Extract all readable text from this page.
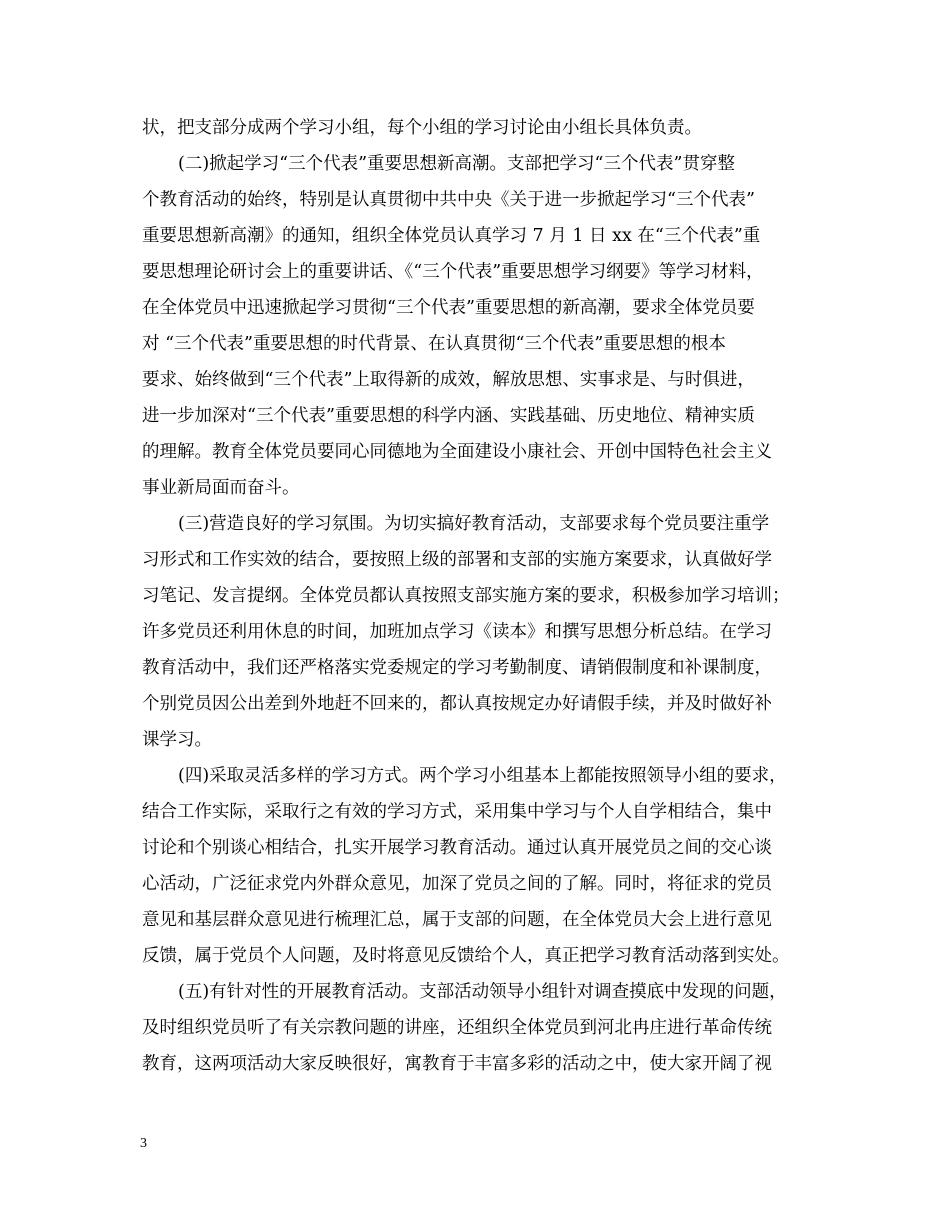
状，把支部分成两个学习小组，每个小组的学习讨论由小组长具体负责。
(二)掀起学习“三个代表”重要思想新高潮。支部把学习“三个代表”贯穿整
个教育活动的始终，特别是认真贯彻中共中央《关于进一步掀起学习“三个代表”
重要思想新高潮》的通知，组织全体党员认真学习 7 月 1 日 xx 在“三个代表”重
要思想理论研讨会上的重要讲话、《“三个代表”重要思想学习纲要》等学习材料，
在全体党员中迅速掀起学习贯彻“三个代表”重要思想的新高潮，要求全体党员要
对 “三个代表”重要思想的时代背景、在认真贯彻“三个代表”重要思想的根本
要求、始终做到“三个代表”上取得新的成效，解放思想、实事求是、与时俱进，
进一步加深对“三个代表”重要思想的科学内涵、实践基础、历史地位、精神实质
的理解。教育全体党员要同心同德地为全面建设小康社会、开创中国特色社会主义
事业新局面而奋斗。
(三)营造良好的学习氛围。为切实搞好教育活动，支部要求每个党员要注重学
习形式和工作实效的结合，要按照上级的部署和支部的实施方案要求，认真做好学
习笔记、发言提纲。全体党员都认真按照支部实施方案的要求，积极参加学习培训；
许多党员还利用休息的时间，加班加点学习《读本》和撰写思想分析总结。在学习
教育活动中，我们还严格落实党委规定的学习考勤制度、请销假制度和补课制度，
个别党员因公出差到外地赶不回来的，都认真按规定办好请假手续，并及时做好补
课学习。
(四)采取灵活多样的学习方式。两个学习小组基本上都能按照领导小组的要求，
结合工作实际，采取行之有效的学习方式，采用集中学习与个人自学相结合，集中
讨论和个别谈心相结合，扎实开展学习教育活动。通过认真开展党员之间的交心谈
心活动，广泛征求党内外群众意见，加深了党员之间的了解。同时，将征求的党员
意见和基层群众意见进行梳理汇总，属于支部的问题，在全体党员大会上进行意见
反馈，属于党员个人问题，及时将意见反馈给个人，真正把学习教育活动落到实处。
(五)有针对性的开展教育活动。支部活动领导小组针对调查摸底中发现的问题，
及时组织党员听了有关宗教问题的讲座，还组织全体党员到河北冉庄进行革命传统
教育，这两项活动大家反映很好，寓教育于丰富多彩的活动之中，使大家开阔了视
3
